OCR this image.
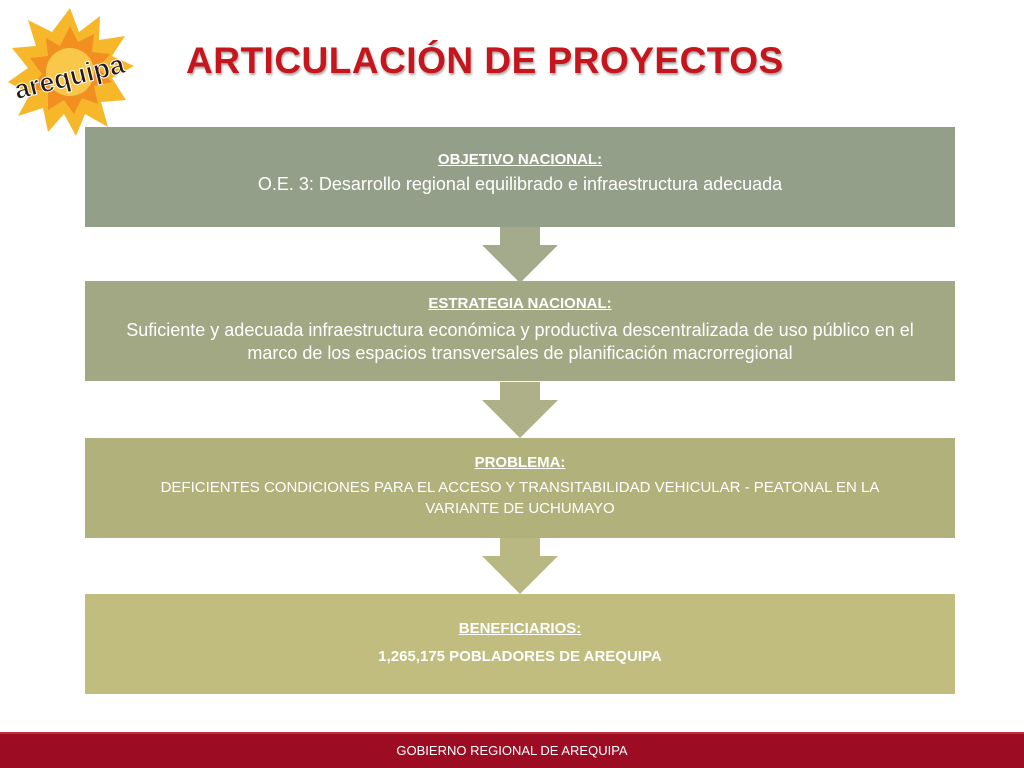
arequipa ARTICULACIÓN DE PROYECTOS
OBJETIVO NACIONAL:
O.E. 3: Desarrollo regional equilibrado e infraestructura adecuada
ESTRATEGIA NACIONAL:
Suficiente y adecuada infraestructura económica y productiva descentralizada de uso público en el marco de los espacios transversales de planificación macrorregional
PROBLEMA:
DEFICIENTES CONDICIONES PARA EL ACCESO Y TRANSITABILIDAD VEHICULAR - PEATONAL EN LA VARIANTE DE UCHUMAYO
BENEFICIARIOS:
1,265,175 POBLADORES DE AREQUIPA
GOBIERNO REGIONAL DE AREQUIPA
